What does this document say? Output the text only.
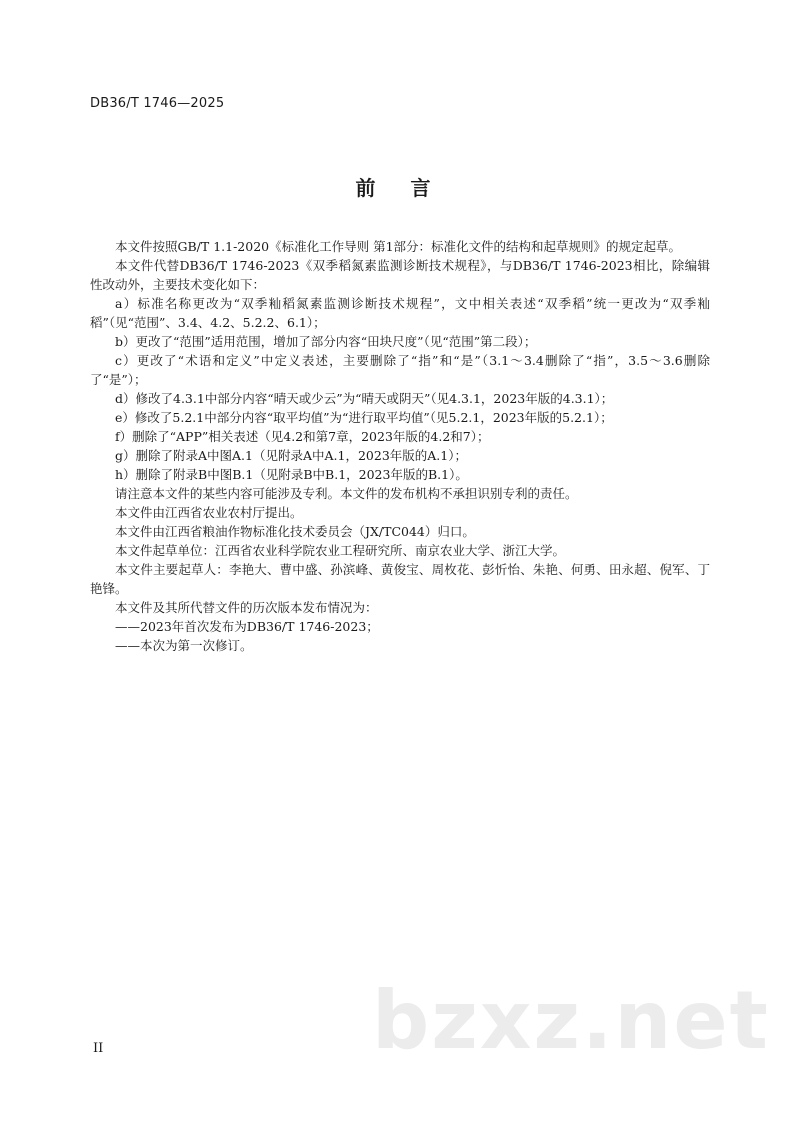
DB36/T 1746—2025
前 言

本文件按照GB/T 1.1-2020《标准化工作导则 第1部分：标准化文件的结构和起草规则》的规定起草。

本文件代替DB36/T 1746-2023《双季稻氮素监测诊断技术规程》，与DB36/T 1746-2023相比，除编辑性改动外，主要技术变化如下：

a）标准名称更改为“双季籼稻氮素监测诊断技术规程”，文中相关表述“双季稻”统一更改为“双季籼稻”（见“范围”、3.4、4.2、5.2.2、6.1）；

b）更改了“范围”适用范围，增加了部分内容“田块尺度”（见“范围”第二段）；

c）更改了“术语和定义”中定义表述，主要删除了“指”和“是”（3.1～3.4删除了“指”，3.5～3.6删除了“是”）；

d）修改了4.3.1中部分内容“晴天或少云”为“晴天或阴天”（见4.3.1，2023年版的4.3.1）；

e）修改了5.2.1中部分内容“取平均值”为“进行取平均值”（见5.2.1，2023年版的5.2.1）；

f）删除了“APP”相关表述（见4.2和第7章，2023年版的4.2和7）；

g）删除了附录A中图A.1（见附录A中A.1，2023年版的A.1）；

h）删除了附录B中图B.1（见附录B中B.1，2023年版的B.1）。

请注意本文件的某些内容可能涉及专利。本文件的发布机构不承担识别专利的责任。

本文件由江西省农业农村厅提出。

本文件由江西省粮油作物标准化技术委员会（JX/TC044）归口。

本文件起草单位：江西省农业科学院农业工程研究所、南京农业大学、浙江大学。

本文件主要起草人：李艳大、曹中盛、孙滨峰、黄俊宝、周枚花、彭忻怡、朱艳、何勇、田永超、倪军、丁艳锋。

本文件及其所代替文件的历次版本发布情况为：

——2023年首次发布为DB36/T 1746-2023；

——本次为第一次修订。

II	bzxz.net
